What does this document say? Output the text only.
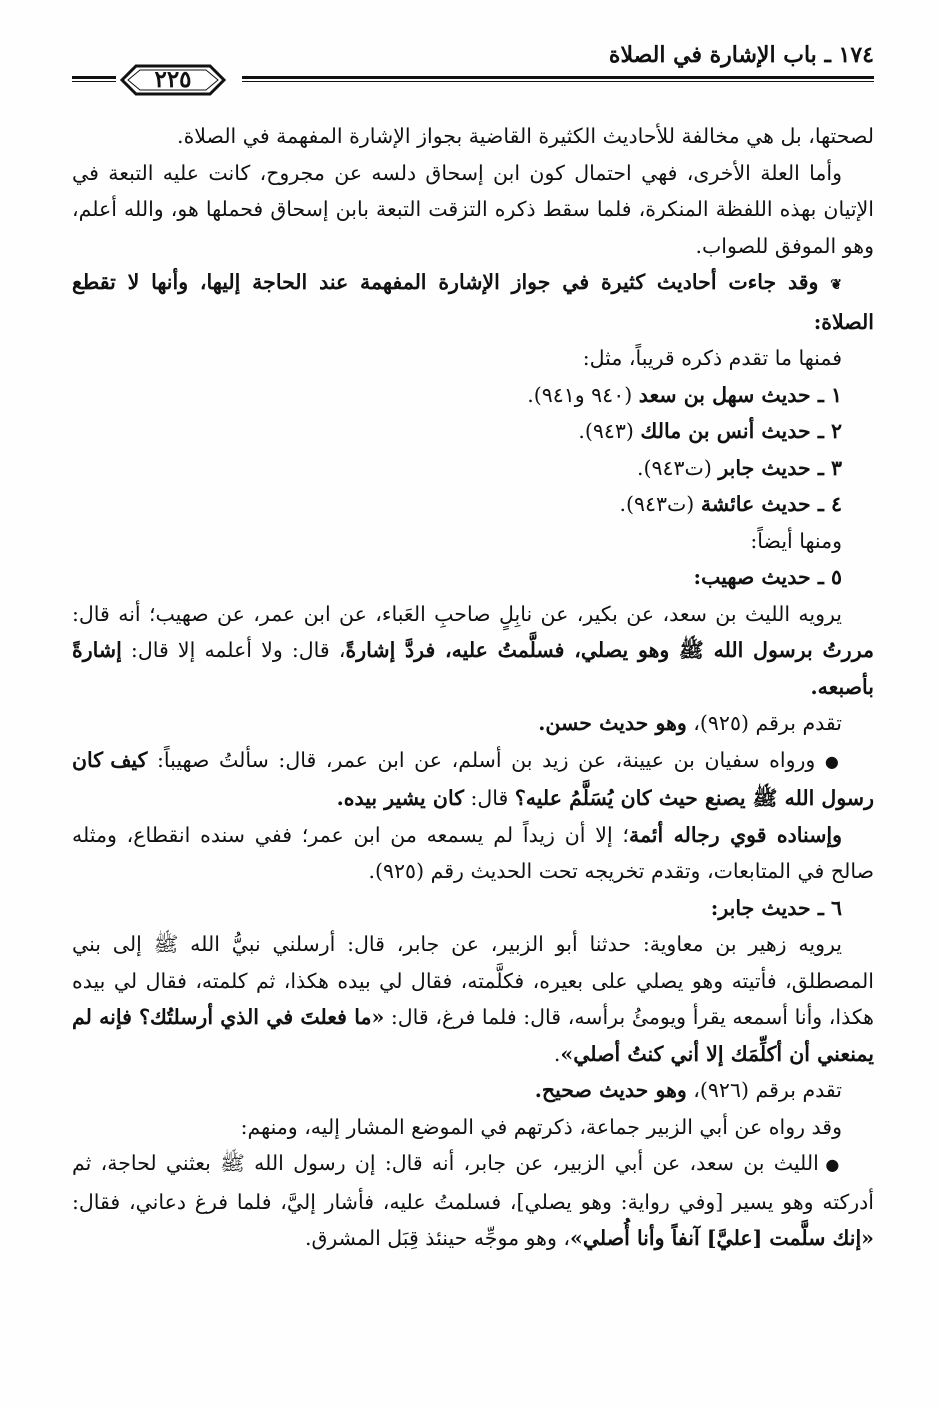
١٧٤ ـ باب الإشارة في الصلاة
٢٢٥

لصحتها، بل هي مخالفة للأحاديث الكثيرة القاضية بجواز الإشارة المفهمة في الصلاة.

وأما العلة الأخرى، فهي احتمال كون ابن إسحاق دلسه عن مجروح، كانت عليه التبعة في الإتيان بهذه اللفظة المنكرة، فلما سقط ذكره التزقت التبعة بابن إسحاق فحملها هو، والله أعلم، وهو الموفق للصواب.

❦ وقد جاءت أحاديث كثيرة في جواز الإشارة المفهمة عند الحاجة إليها، وأنها لا تقطع الصلاة:

فمنها ما تقدم ذكره قريباً، مثل:

١ ـ حديث سهل بن سعد (٩٤٠ و٩٤١).

٢ ـ حديث أنس بن مالك (٩٤٣).

٣ ـ حديث جابر (ت٩٤٣).

٤ ـ حديث عائشة (ت٩٤٣).

ومنها أيضاً:

٥ ـ حديث صهيب:

يرويه الليث بن سعد، عن بكير، عن نابِلٍ صاحبِ العَباء، عن ابن عمر، عن صهيب؛ أنه قال: مررتُ برسول الله ﷺ وهو يصلي، فسلَّمتُ عليه، فردَّ إشارةً، قال: ولا أعلمه إلا قال: إشارةً بأصبعه.

تقدم برقم (٩٢٥)، وهو حديث حسن.

● ورواه سفيان بن عيينة، عن زيد بن أسلم، عن ابن عمر، قال: سألتُ صهيباً: كيف كان رسول الله ﷺ يصنع حيث كان يُسَلَّمُ عليه؟ قال: كان يشير بيده.

وإسناده قوي رجاله أئمة؛ إلا أن زيداً لم يسمعه من ابن عمر؛ ففي سنده انقطاع، ومثله صالح في المتابعات، وتقدم تخريجه تحت الحديث رقم (٩٢٥).

٦ ـ حديث جابر:

يرويه زهير بن معاوية: حدثنا أبو الزبير، عن جابر، قال: أرسلني نبيُّ الله ﷺ إلى بني المصطلق، فأتيته وهو يصلي على بعيره، فكلَّمته، فقال لي بيده هكذا، ثم كلمته، فقال لي بيده هكذا، وأنا أسمعه يقرأ ويومئُ برأسه، قال: فلما فرغ، قال: «ما فعلتَ في الذي أرسلتُك؟ فإنه لم يمنعني أن أكلِّمَك إلا أني كنتُ أصلي».

تقدم برقم (٩٢٦)، وهو حديث صحيح.

وقد رواه عن أبي الزبير جماعة، ذكرتهم في الموضع المشار إليه، ومنهم:

● الليث بن سعد، عن أبي الزبير، عن جابر، أنه قال: إن رسول الله ﷺ بعثني لحاجة، ثم أدركته وهو يسير [وفي رواية: وهو يصلي]، فسلمتُ عليه، فأشار إليَّ، فلما فرغ دعاني، فقال: «إنك سلَّمت [عليَّ] آنفاً وأنا أُصلي»، وهو موجِّه حينئذ قِبَل المشرق.
